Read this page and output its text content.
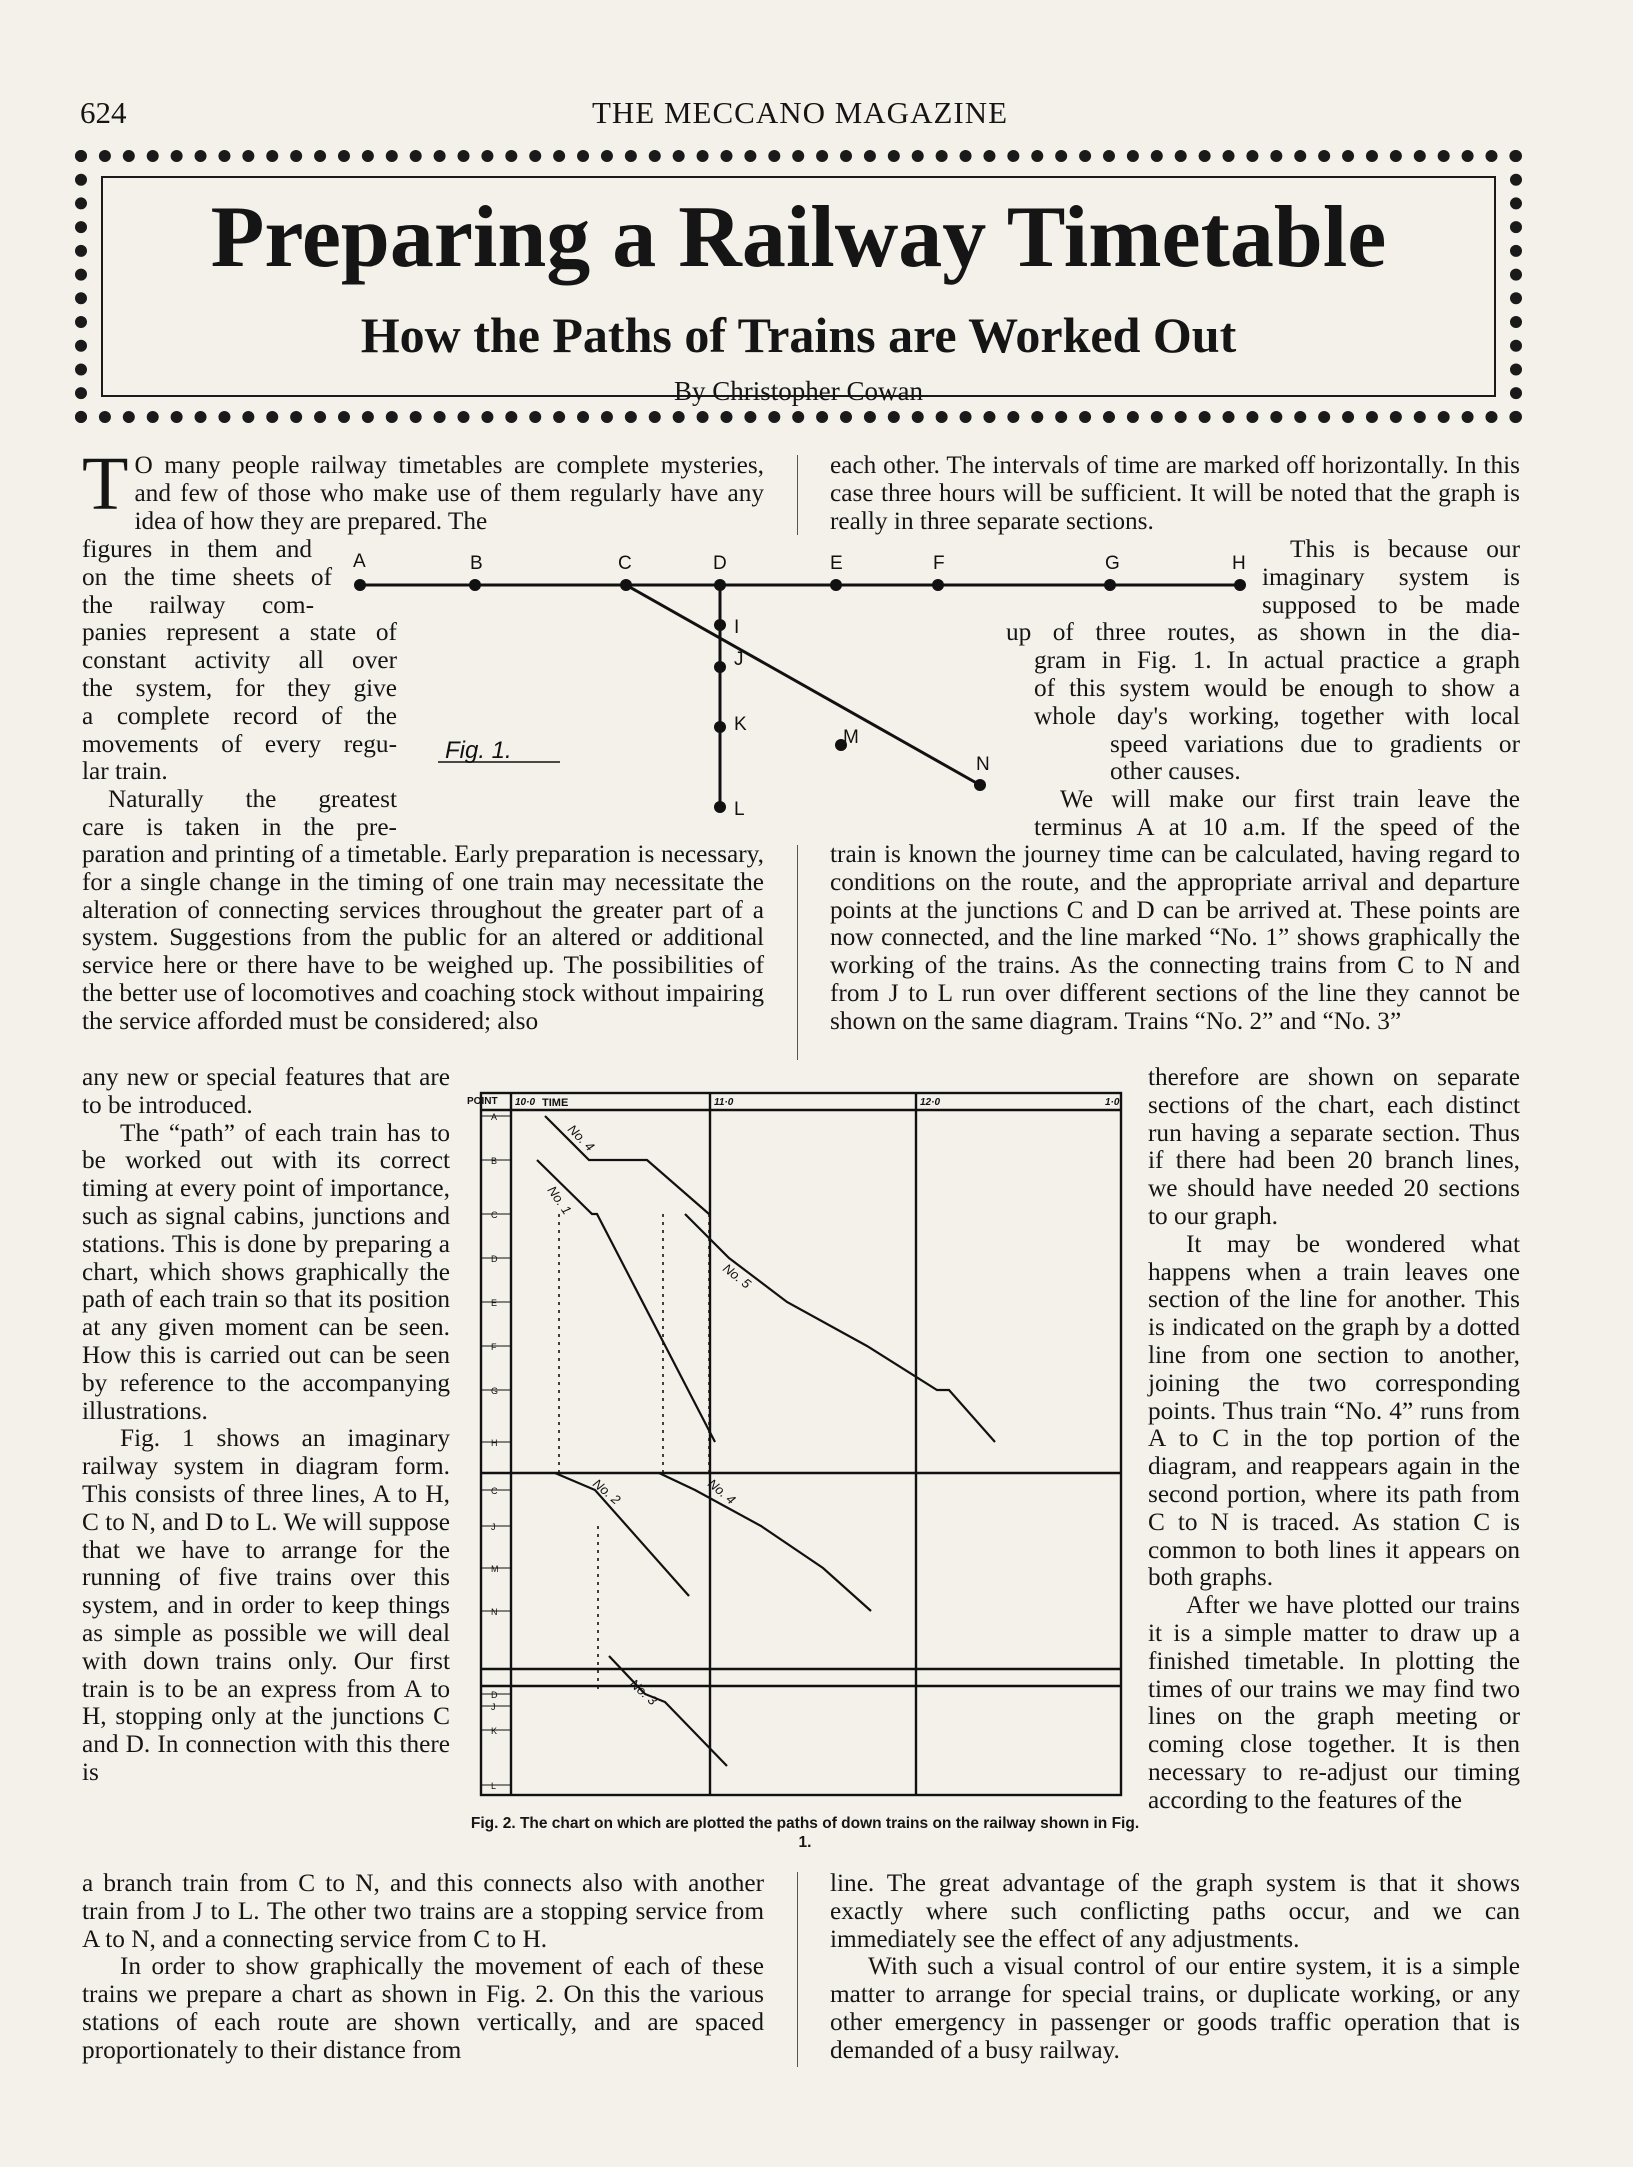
624	THE MECCANO MAGAZINE
Preparing a Railway Timetable
How the Paths of Trains are Worked Out
By Christopher Cowan

T O many people railway timetables are complete mysteries, and few of those who make use of them regularly have any idea of how they are prepared. The

each other. The intervals of time are marked off horizontally. In this case three hours will be sufficient. It will be noted that the graph is really in three separate sections.

figures in them and
on the time sheets of
the railway com-
panies represent a state of
constant activity all over
the system, for they give
a complete record of the
movements of every regu-
lar train.
Naturally the greatest
care is taken in the pre-
This is because our
imaginary system is
supposed to be made
up of three routes, as shown in the dia-
gram in Fig. 1. In actual practice a graph
of this system would be enough to show a
whole day's working, together with local
speed variations due to gradients or
other causes.
We will make our first train leave the
terminus A at 10 a.m. If the speed of the
A	B	C	D	E	F	G	H
I
J
K
L
M
N
Fig. 1.

paration and printing of a timetable. Early preparation is necessary, for a single change in the timing of one train may necessitate the alteration of connecting services throughout the greater part of a system. Suggestions from the public for an altered or additional service here or there have to be weighed up. The possibilities of the better use of locomotives and coaching stock without impairing the service afforded must be considered; also

train is known the journey time can be calculated, having regard to conditions on the route, and the appropriate arrival and departure points at the junctions C and D can be arrived at. These points are now connected, and the line marked “No. 1” shows graphically the working of the trains. As the connecting trains from C to N and from J to L run over different sections of the line they cannot be shown on the same diagram. Trains “No. 2” and “No. 3”

any new or special features that are to be introduced.

The “path” of each train has to be worked out with its correct timing at every point of importance, such as signal cabins, junctions and stations. This is done by preparing a chart, which shows graphically the path of each train so that its position at any given moment can be seen. How this is carried out can be seen by reference to the accompanying illustrations.

Fig. 1 shows an imaginary railway system in diagram form. This consists of three lines, A to H, C to N, and D to L. We will suppose that we have to arrange for the running of five trains over this system, and in order to keep things as simple as possible we will deal with down trains only. Our first train is to be an express from A to H, stopping only at the junctions C and D. In connection with this there is

therefore are shown on separate sections of the chart, each distinct run having a separate section. Thus if there had been 20 branch lines, we should have needed 20 sections to our graph.

It may be wondered what happens when a train leaves one section of the line for another. This is indicated on the graph by a dotted line from one section to another, joining the two corresponding points. Thus train “No. 4” runs from A to C in the top portion of the diagram, and reappears again in the second portion, where its path from C to N is traced. As station C is common to both lines it appears on both graphs.

After we have plotted our trains it is a simple matter to draw up a finished timetable. In plotting the times of our trains we may find two lines on the graph meeting or coming close together. It is then necessary to re-adjust our timing according to the features of the

POINT	TIME
10·0	11·0	12·0	1·0
A
B
C
D
E
F
G
H
C
J
M
N
D
J
K
L
No. 4
No. 1
No. 5
No. 2	No. 4
No. 3
Fig. 2. The chart on which are plotted the paths of down trains on the railway shown in Fig. 1.

a branch train from C to N, and this connects also with another train from J to L. The other two trains are a stopping service from A to N, and a connecting service from C to H.

In order to show graphically the movement of each of these trains we prepare a chart as shown in Fig. 2. On this the various stations of each route are shown vertically, and are spaced proportionately to their distance from

line. The great advantage of the graph system is that it shows exactly where such conflicting paths occur, and we can immediately see the effect of any adjustments.

With such a visual control of our entire system, it is a simple matter to arrange for special trains, or duplicate working, or any other emergency in passenger or goods traffic operation that is demanded of a busy railway.
